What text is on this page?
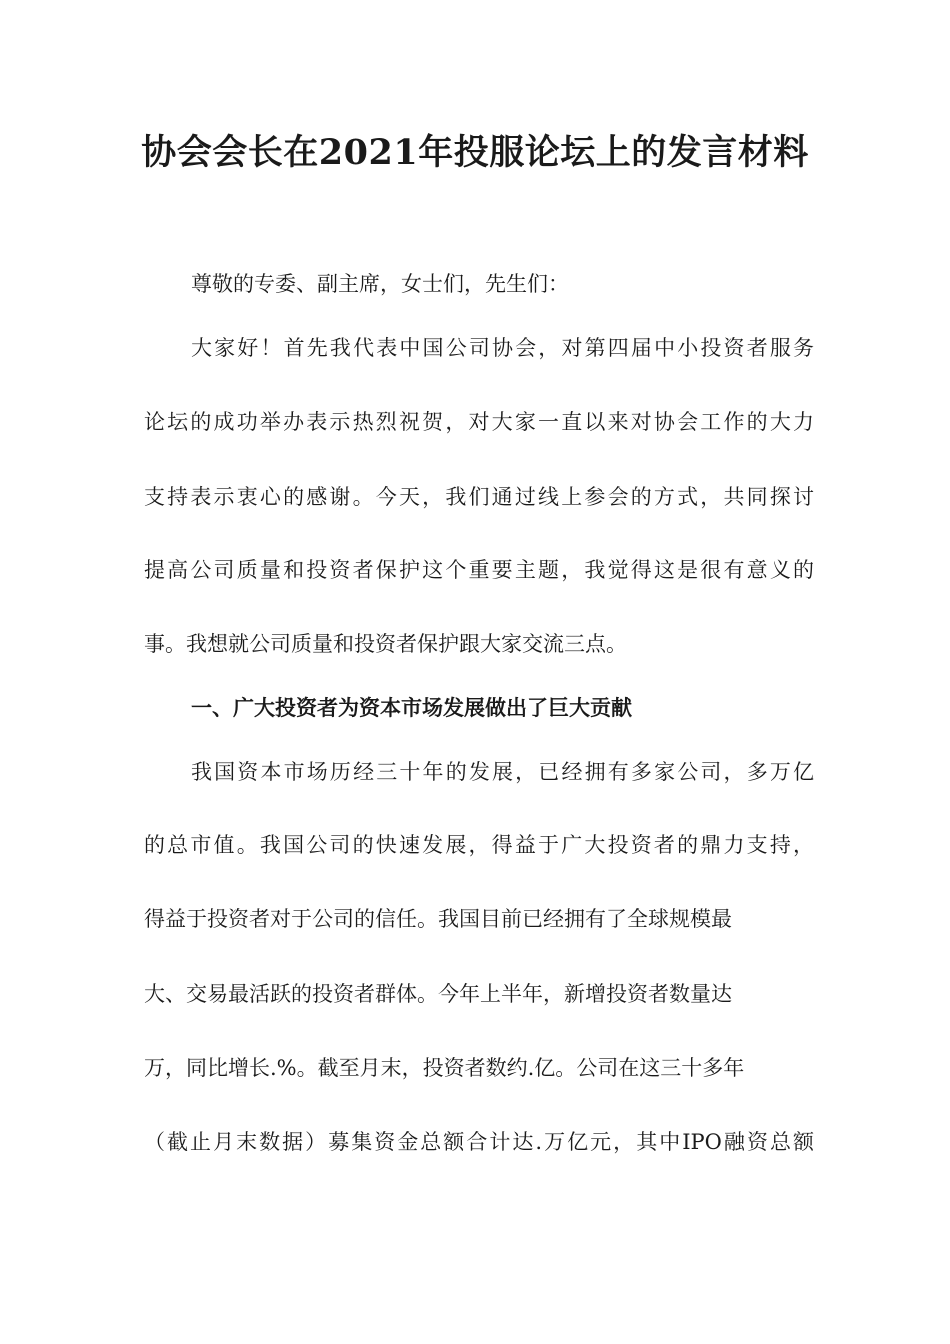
协会会长在2021年投服论坛上的发言材料
尊敬的专委、副主席，女士们，先生们：
大家好！首先我代表中国公司协会，对第四届中小投资者服务
论坛的成功举办表示热烈祝贺，对大家一直以来对协会工作的大力
支持表示衷心的感谢。今天，我们通过线上参会的方式，共同探讨
提高公司质量和投资者保护这个重要主题，我觉得这是很有意义的
事。我想就公司质量和投资者保护跟大家交流三点。
一、广大投资者为资本市场发展做出了巨大贡献
我国资本市场历经三十年的发展，已经拥有多家公司，多万亿
的总市值。我国公司的快速发展，得益于广大投资者的鼎力支持，
得益于投资者对于公司的信任。我国目前已经拥有了全球规模最
大、交易最活跃的投资者群体。今年上半年，新增投资者数量达
万，同比增长.%。截至月末，投资者数约.亿。公司在这三十多年
（截止月末数据）募集资金总额合计达.万亿元，其中IPO融资总额
